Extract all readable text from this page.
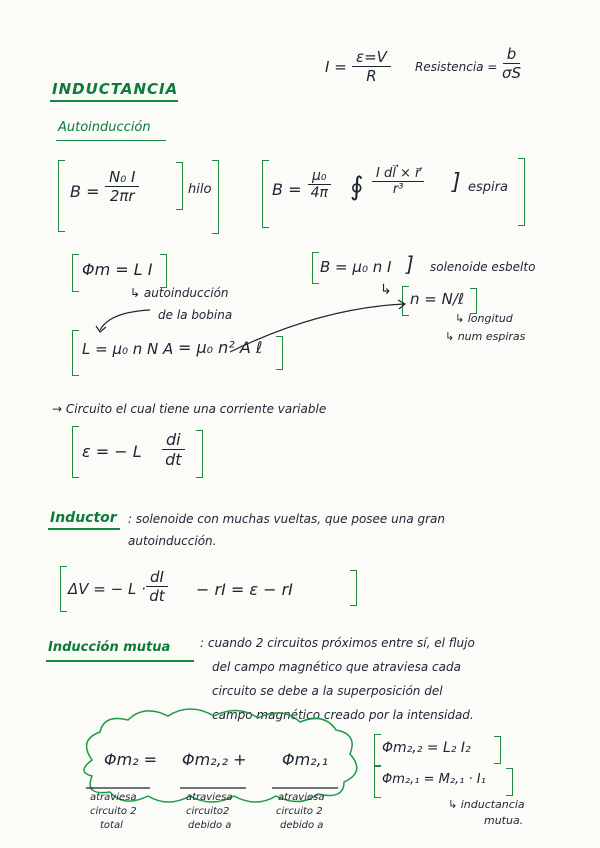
$I = \frac{\varepsilon=V}{R}$ Resistencia = $\frac{b}{\sigma S}$
INDUCTANCIA
Autoinducción
$B = \frac{\text{N₀ I}}{2\pi r}$	hilo	$B = \frac{\text{μ₀}}{4\pi}$ ∮ $\frac{\text{I dl⃗ × r⃗}}{\text{r³}}$ ] espira
Φm = L I
↳ autoinducción
de la bobina
B = μ₀ n I ] solenoide esbelto
↳ n = N/ℓ
↳ longitud
↳ num espiras
L = μ₀ n N A = μ₀ n² A ℓ
→ Circuito el cual tiene una corriente variable
ε = − L $\frac{di}{dt}$
Inductor : solenoide con muchas vueltas, que posee una gran
autoinducción.
ΔV = − $L \cdot \frac{dI}{dt}$ − rI = ε − rI
Inducción mutua : cuando 2 circuitos próximos entre sí, el flujo
del campo magnético que atraviesa cada
circuito se debe a la superposición del
campo magnético creado por la intensidad.
Φm₂ = Φm₂,₂ + Φm₂,₁
atraviesa
circuito 2
total
atraviesa
circuito2
debido a
atraviesa
circuito 2
debido a
Φm₂,₂ = L₂ I₂
Φm₂,₁ = M₂,₁ · I₁
↳ inductancia
mutua.
